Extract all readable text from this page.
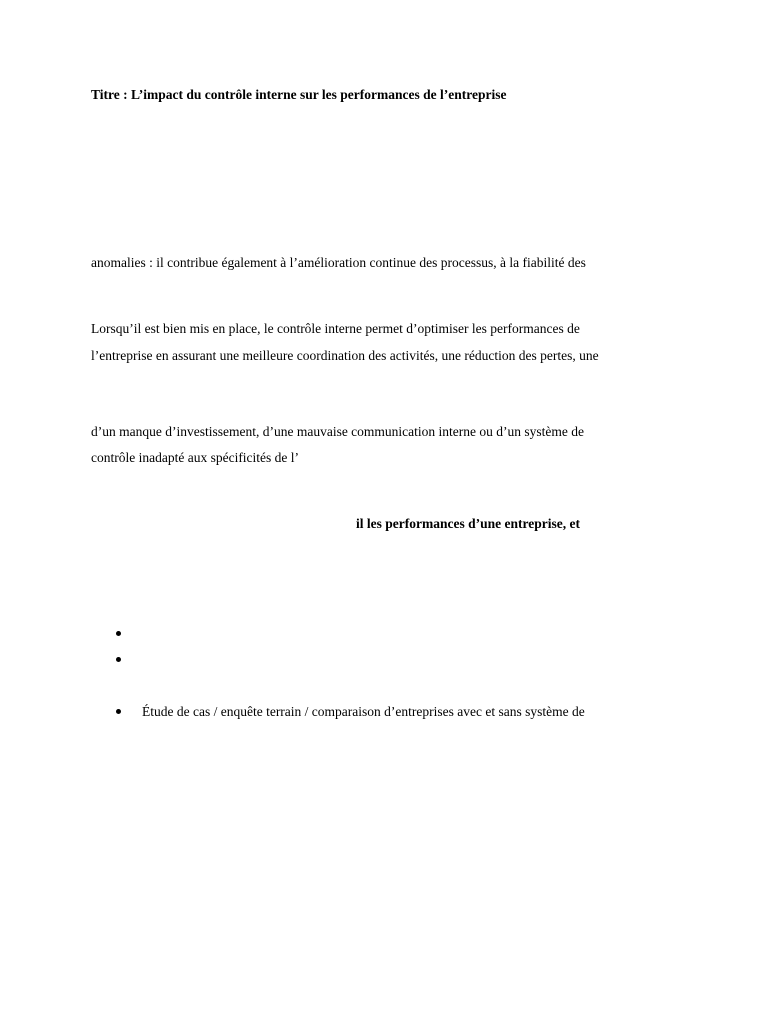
Titre : L’impact du contrôle interne sur les performances de l’entreprise
anomalies : il contribue également à l’amélioration continue des processus, à la fiabilité des
Lorsqu’il est bien mis en place, le contrôle interne permet d’optimiser les performances de
l’entreprise en assurant une meilleure coordination des activités, une réduction des pertes, une
d’un manque d’investissement, d’une mauvaise communication interne ou d’un système de
contrôle inadapté aux spécificités de l’
il les performances d’une entreprise, et
Étude de cas / enquête terrain / comparaison d’entreprises avec et sans système de
